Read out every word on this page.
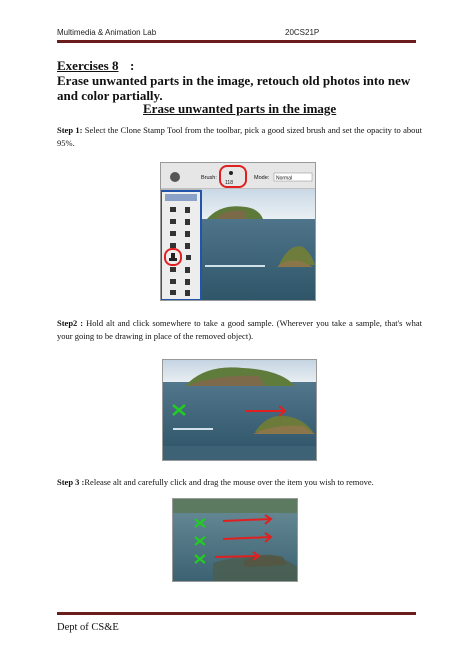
Multimedia & Animation Lab	20CS21P
Exercises 8 :
Erase unwanted parts in the image, retouch old photos into new and color partially.
Erase unwanted parts in the image
Step 1: Select the Clone Stamp Tool from the toolbar, pick a good sized brush and set the opacity to about 95%.
Brush:
118
Mode: Normal
Step2 : Hold alt and click somewhere to take a good sample. (Wherever you take a sample, that's what your going to be drawing in place of the removed object).
Step 3 :Release alt and carefully click and drag the mouse over the item you wish to remove.
Dept of CS&E
